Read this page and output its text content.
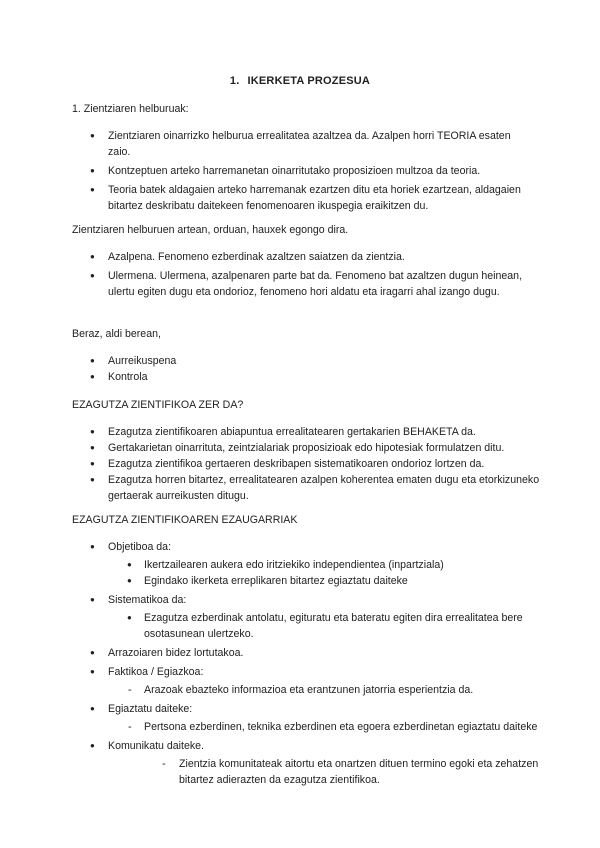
1. IKERKETA PROZESUA

1. Zientziaren helburuak:

● Zientziaren oinarrizko helburua errealitatea azaltzea da. Azalpen horri TEORIA esaten zaio.
● Kontzeptuen arteko harremanetan oinarritutako proposizioen multzoa da teoria.
● Teoria batek aldagaien arteko harremanak ezartzen ditu eta horiek ezartzean, aldagaien bitartez deskribatu daitekeen fenomenoaren ikuspegia eraikitzen du.

Zientziaren helburuen artean, orduan, hauxek egongo dira.

● Azalpena. Fenomeno ezberdinak azaltzen saiatzen da zientzia.
● Ulermena. Ulermena, azalpenaren parte bat da. Fenomeno bat azaltzen dugun heinean, ulertu egiten dugu eta ondorioz, fenomeno hori aldatu eta iragarri ahal izango dugu.

Beraz, aldi berean,

● Aurreikuspena
● Kontrola

EZAGUTZA ZIENTIFIKOA ZER DA?

● Ezagutza zientifikoaren abiapuntua errealitatearen gertakarien BEHAKETA da.
● Gertakarietan oinarrituta, zeintzialariak proposizioak edo hipotesiak formulatzen ditu.
● Ezagutza zientifikoa gertaeren deskribapen sistematikoaren ondorioz lortzen da.
● Ezagutza horren bitartez, errealitatearen azalpen koherentea ematen dugu eta etorkizuneko gertaerak aurreikusten ditugu.

EZAGUTZA ZIENTIFIKOAREN EZAUGARRIAK

● Objetiboa da:
● Ikertzailearen aukera edo iritziekiko independientea (inpartziala)
● Egindako ikerketa erreplikaren bitartez egiaztatu daiteke
● Sistematikoa da:
● Ezagutza ezberdinak antolatu, egituratu eta bateratu egiten dira errealitatea bere osotasunean ulertzeko.
● Arrazoiaren bidez lortutakoa.
● Faktikoa / Egiazkoa:
- Arazoak ebazteko informazioa eta erantzunen jatorria esperientzia da.
● Egiaztatu daiteke:
- Pertsona ezberdinen, teknika ezberdinen eta egoera ezberdinetan egiaztatu daiteke
● Komunikatu daiteke.
- Zientzia komunitateak aitortu eta onartzen dituen termino egoki eta zehatzen bitartez adierazten da ezagutza zientifikoa.
